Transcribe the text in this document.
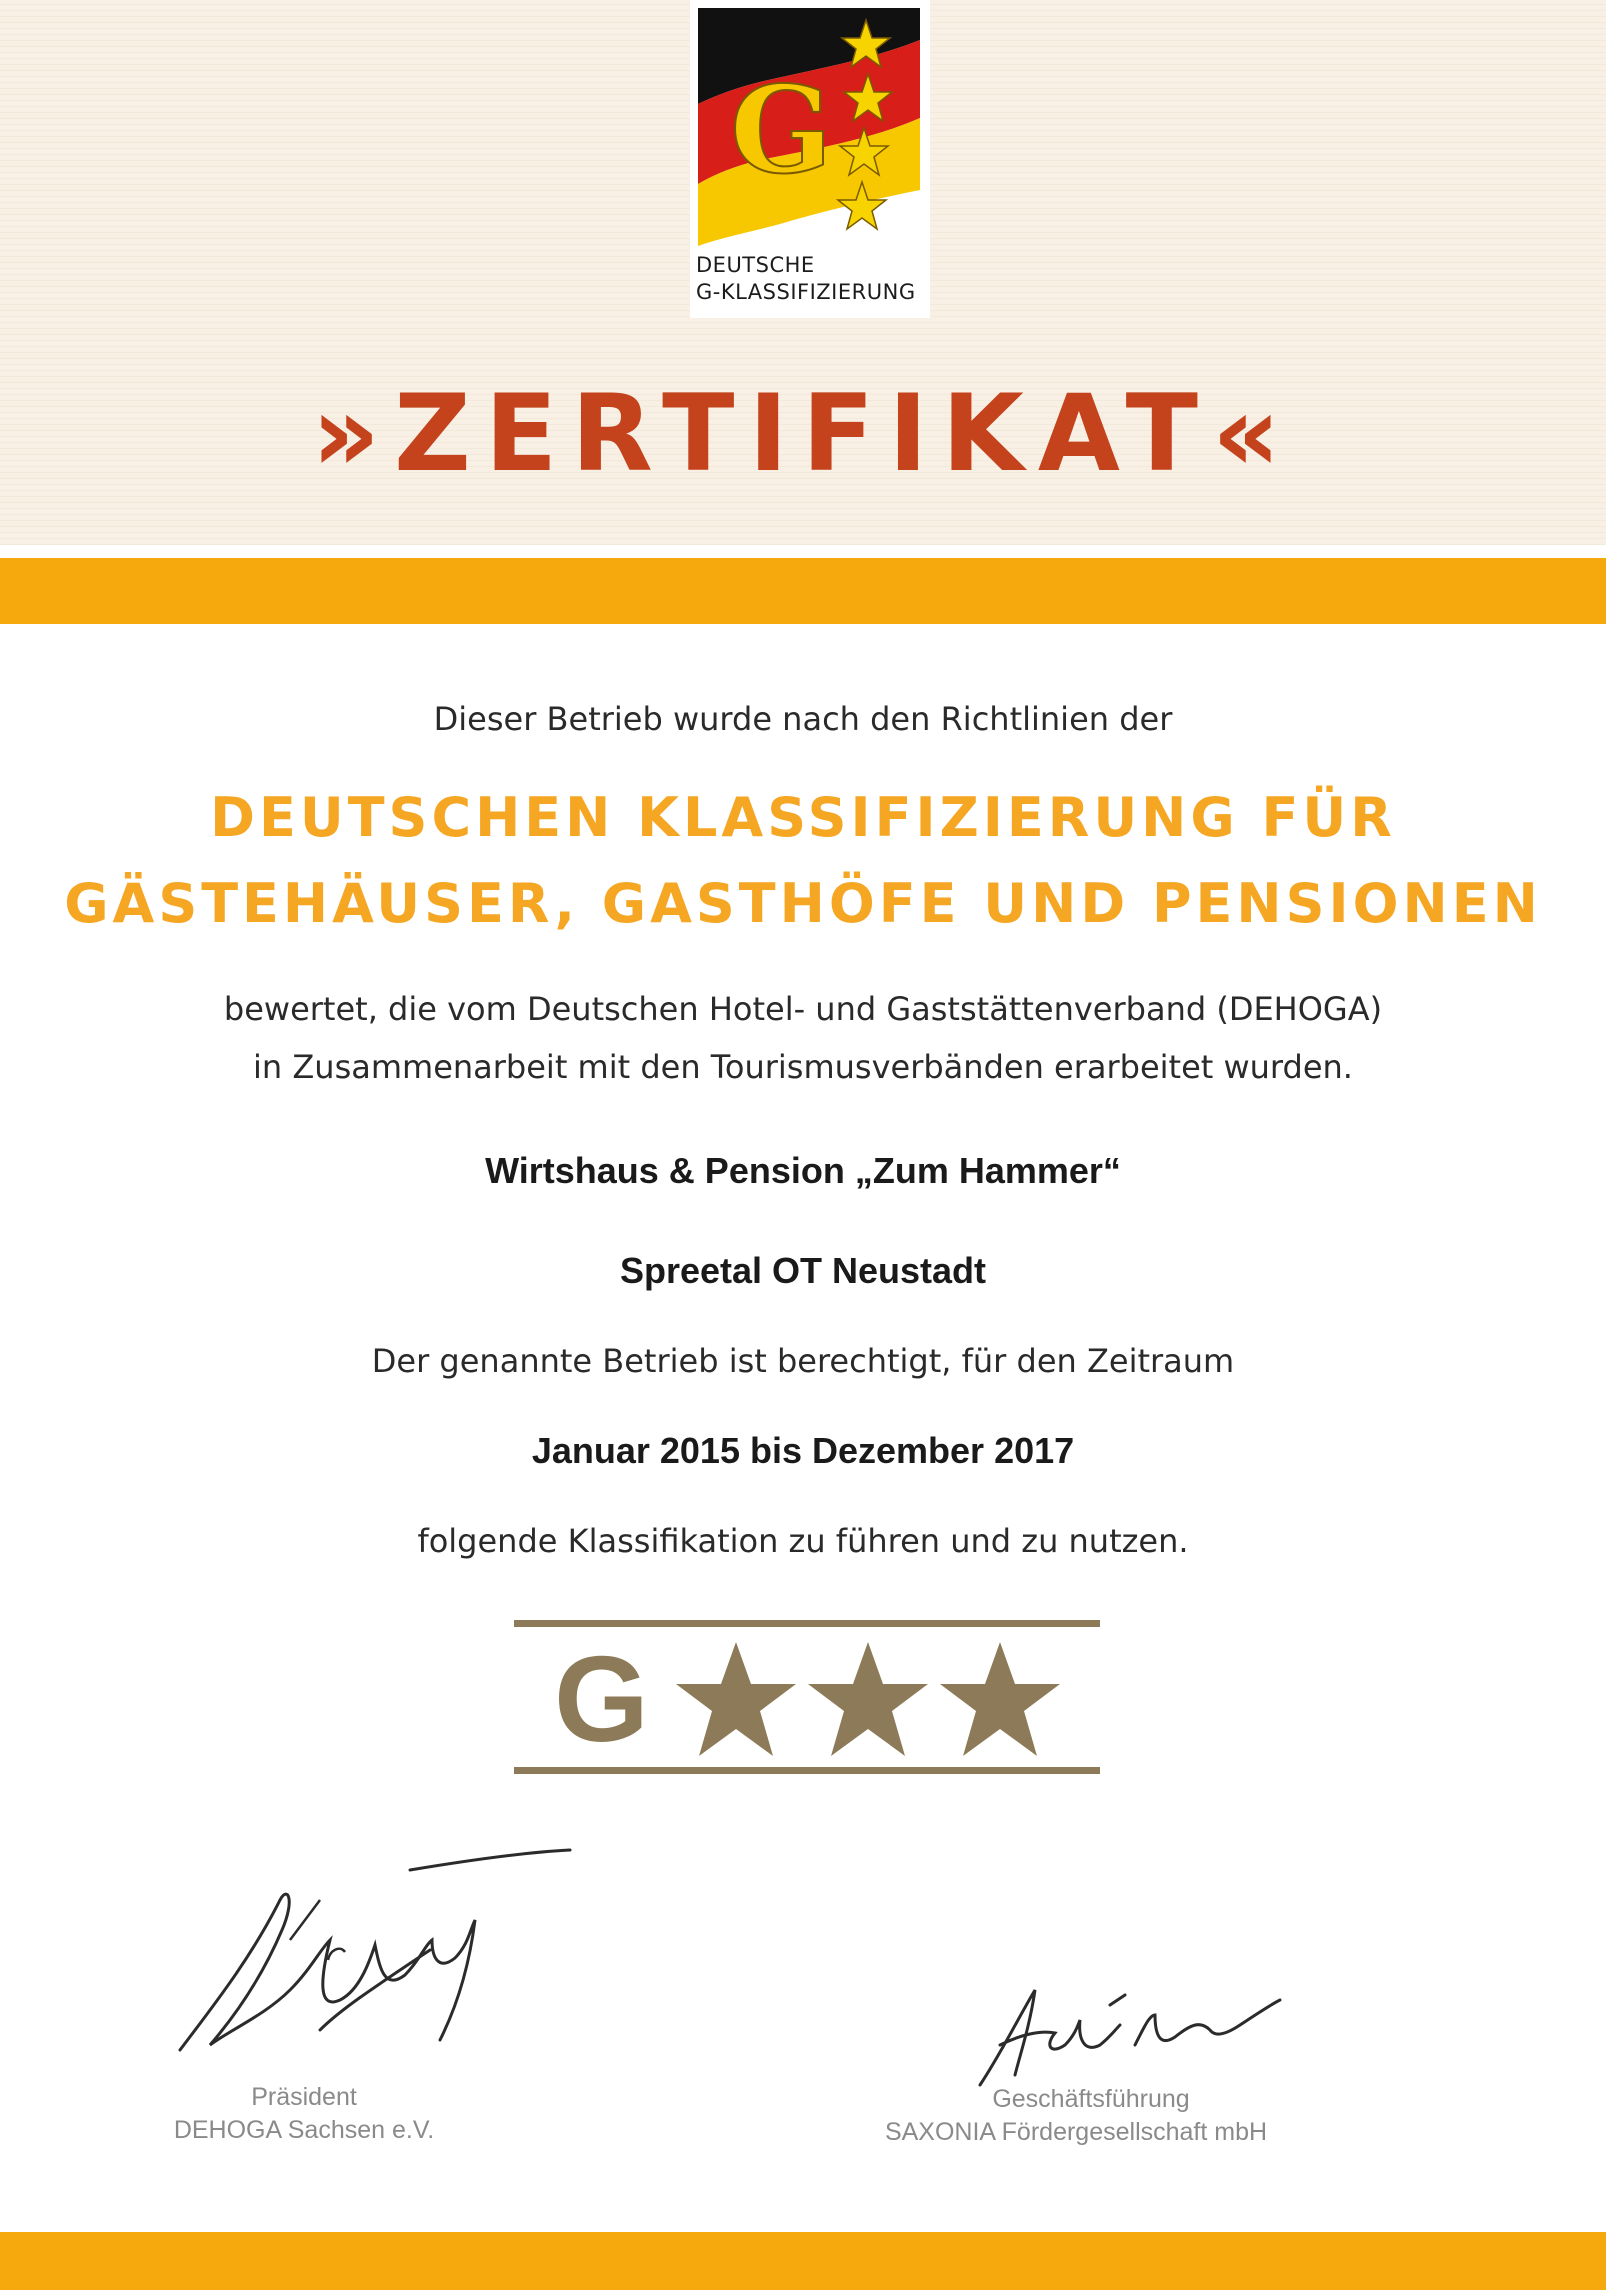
G
DEUTSCHE
G-KLASSIFIZIERUNG
»ZERTIFIKAT«
Dieser Betrieb wurde nach den Richtlinien der
DEUTSCHEN KLASSIFIZIERUNG FÜR
GÄSTEHÄUSER, GASTHÖFE UND PENSIONEN
bewertet, die vom Deutschen Hotel- und Gaststättenverband (DEHOGA)
in Zusammenarbeit mit den Tourismusverbänden erarbeitet wurden.
Wirtshaus & Pension „Zum Hammer“
Spreetal OT Neustadt
Der genannte Betrieb ist berechtigt, für den Zeitraum
Januar 2015 bis Dezember 2017
folgende Klassifikation zu führen und zu nutzen.
G
Präsident
DEHOGA Sachsen e.V.
Geschäftsführung
SAXONIA Fördergesellschaft mbH
